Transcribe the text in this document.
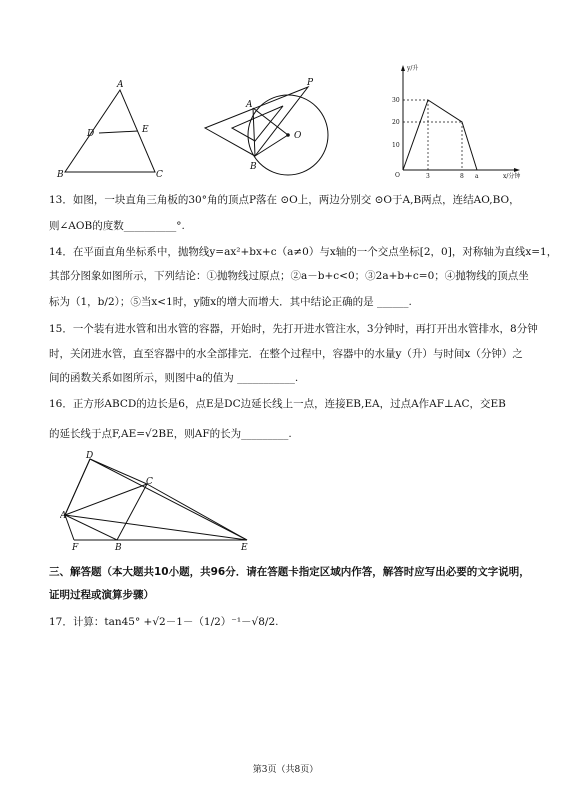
A
D	E
B	C
P
A
O
B
y/升
x/分钟
O
30
20
10
3	8 a
13．如图，一块直角三角板的30°角的顶点P落在 ⊙O上，两边分别交 ⊙O于A,B两点，连结AO,BO，
则∠AOB的度数__________°.
14．在平面直角坐标系中，抛物线y=ax²+bx+c（a≠0）与x轴的一个交点坐标[2，0]，对称轴为直线x=1，
其部分图象如图所示，下列结论：①抛物线过原点；②a－b+c<0；③2a+b+c=0；④抛物线的顶点坐
标为（1，b/2）；⑤当x<1时，y随x的增大而增大．其中结论正确的是 ______.
15．一个装有进水管和出水管的容器，开始时，先打开进水管注水，3分钟时，再打开出水管排水，8分钟
时，关闭进水管，直至容器中的水全部排完．在整个过程中，容器中的水量y（升）与时间x（分钟）之
间的函数关系如图所示，则图中a的值为 ___________.
16．正方形ABCD的边长是6，点E是DC边延长线上一点，连接EB,EA，过点A作AF⊥AC，交EB
的延长线于点F,AE=√2BE，则AF的长为_________.
D
C
A
F	B	E
三、解答题（本大题共10小题，共96分．请在答题卡指定区域内作答，解答时应写出必要的文字说明，
证明过程或演算步骤）
17．计算：tan45° +√2－1－（1/2）⁻¹－√8/2.
第3页（共8页）
